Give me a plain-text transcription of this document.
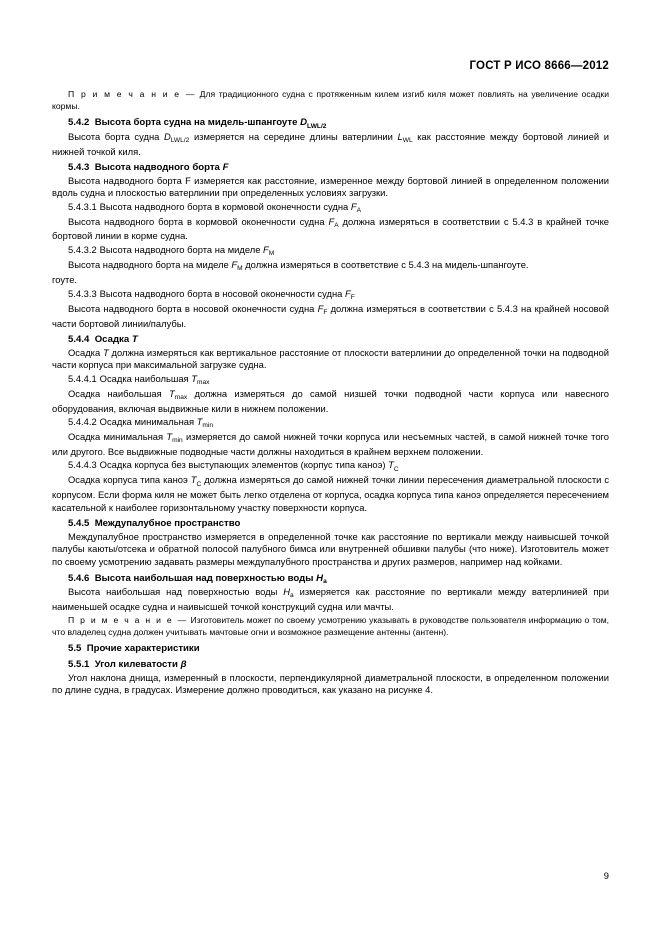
ГОСТ Р ИСО 8666—2012

П р и м е ч а н и е — Для традиционного судна с протяженным килем изгиб киля может повлиять на увеличение осадки кормы.

5.4.2 Высота борта судна на мидель-шпангоуте $D_{LWL/2}$

Высота борта судна $D_{LWL/2}$ измеряется на середине длины ватерлинии $L_{WL}$ как расстояние между бортовой линией и нижней точкой киля.

5.4.3 Высота надводного борта F

Высота надводного борта F измеряется как расстояние, измеренное между бортовой линией в определенном положении вдоль судна и плоскостью ватерлинии при определенных условиях загрузки.

5.4.3.1 Высота надводного борта в кормовой оконечности судна $F_A$

Высота надводного борта в кормовой оконечности судна $F_A$ должна измеряться в соответствии с 5.4.3 в крайней точке бортовой линии в корме судна.

5.4.3.2 Высота надводного борта на миделе $F_M$

Высота надводного борта на миделе $F_M$ должна измеряться в соответствие с 5.4.3 на мидель-шпангоуте.

гоуте.

5.4.3.3 Высота надводного борта в носовой оконечности судна $F_F$

Высота надводного борта в носовой оконечности судна $F_F$ должна измеряться в соответствии с 5.4.3 на крайней носовой части бортовой линии/палубы.

5.4.4 Осадка T

Осадка T должна измеряться как вертикальное расстояние от плоскости ватерлинии до определенной точки на подводной части корпуса при максимальной загрузке судна.

5.4.4.1 Осадка наибольшая $T_{max}$

Осадка наибольшая $T_{max}$ должна измеряться до самой низшей точки подводной части корпуса или навесного оборудования, включая выдвижные кили в нижнем положении.

5.4.4.2 Осадка минимальная $T_{min}$

Осадка минимальная $T_{min}$ измеряется до самой нижней точки корпуса или несъемных частей, в самой нижней точке того или другого. Все выдвижные подводные части должны находиться в крайнем верхнем положении.

5.4.4.3 Осадка корпуса без выступающих элементов (корпус типа каноэ) $T_C$

Осадка корпуса типа каноэ $T_C$ должна измеряться до самой нижней точки линии пересечения диаметральной плоскости с корпусом. Если форма киля не может быть легко отделена от корпуса, осадка корпуса типа каноэ определяется пересечением касательной к наиболее горизонтальному участку поверхности корпуса.

5.4.5 Междупалубное пространство

Междупалубное пространство измеряется в определенной точке как расстояние по вертикали между наивысшей точкой палубы каюты/отсека и обратной полосой палубного бимса или внутренней обшивки палубы (что ниже). Изготовитель может по своему усмотрению задавать размеры междупалубного пространства и других размеров, например над койками.

5.4.6 Высота наибольшая над поверхностью воды $H_a$

Высота наибольшая над поверхностью воды $H_a$ измеряется как расстояние по вертикали между ватерлинией при наименьшей осадке судна и наивысшей точкой конструкций судна или мачты.

П р и м е ч а н и е — Изготовитель может по своему усмотрению указывать в руководстве пользователя информацию о том, что владелец судна должен учитывать мачтовые огни и возможное размещение антенны (антенн).

5.5 Прочие характеристики
5.5.1 Угол килеватости β

Угол наклона днища, измеренный в плоскости, перпендикулярной диаметральной плоскости, в определенном положении по длине судна, в градусах. Измерение должно проводиться, как указано на рисунке 4.

9
